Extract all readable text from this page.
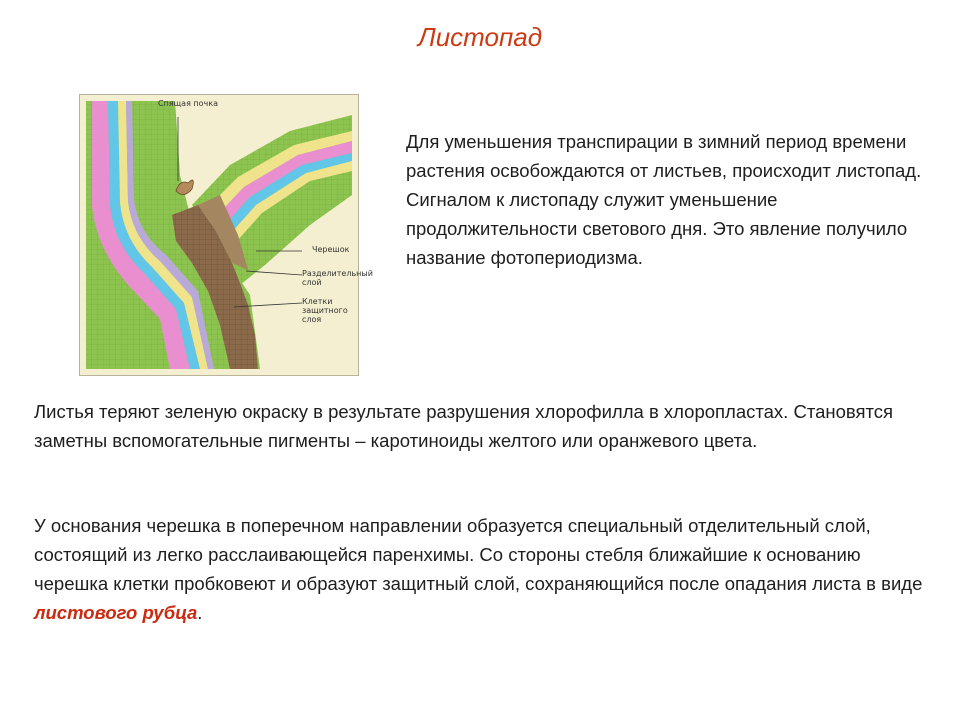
Листопад
Спящая почка
Черешок
Разделительный слой
Клетки защитного слоя

Для уменьшения транспирации в зимний период времени растения освобождаются от листьев, происходит листопад. Сигналом к листопаду служит уменьшение продолжительности светового дня. Это явление получило название фотопериодизма.

Листья теряют зеленую окраску в результате разрушения хлорофилла в хлоропластах. Становятся заметны вспомогательные пигменты – каротиноиды желтого или оранжевого цвета.

У основания черешка в поперечном направлении образуется специальный отделительный слой, состоящий из легко расслаивающейся паренхимы. Со стороны стебля ближайшие к основанию черешка клетки пробковеют и образуют защитный слой, сохраняющийся после опадания листа в виде листового рубца.
